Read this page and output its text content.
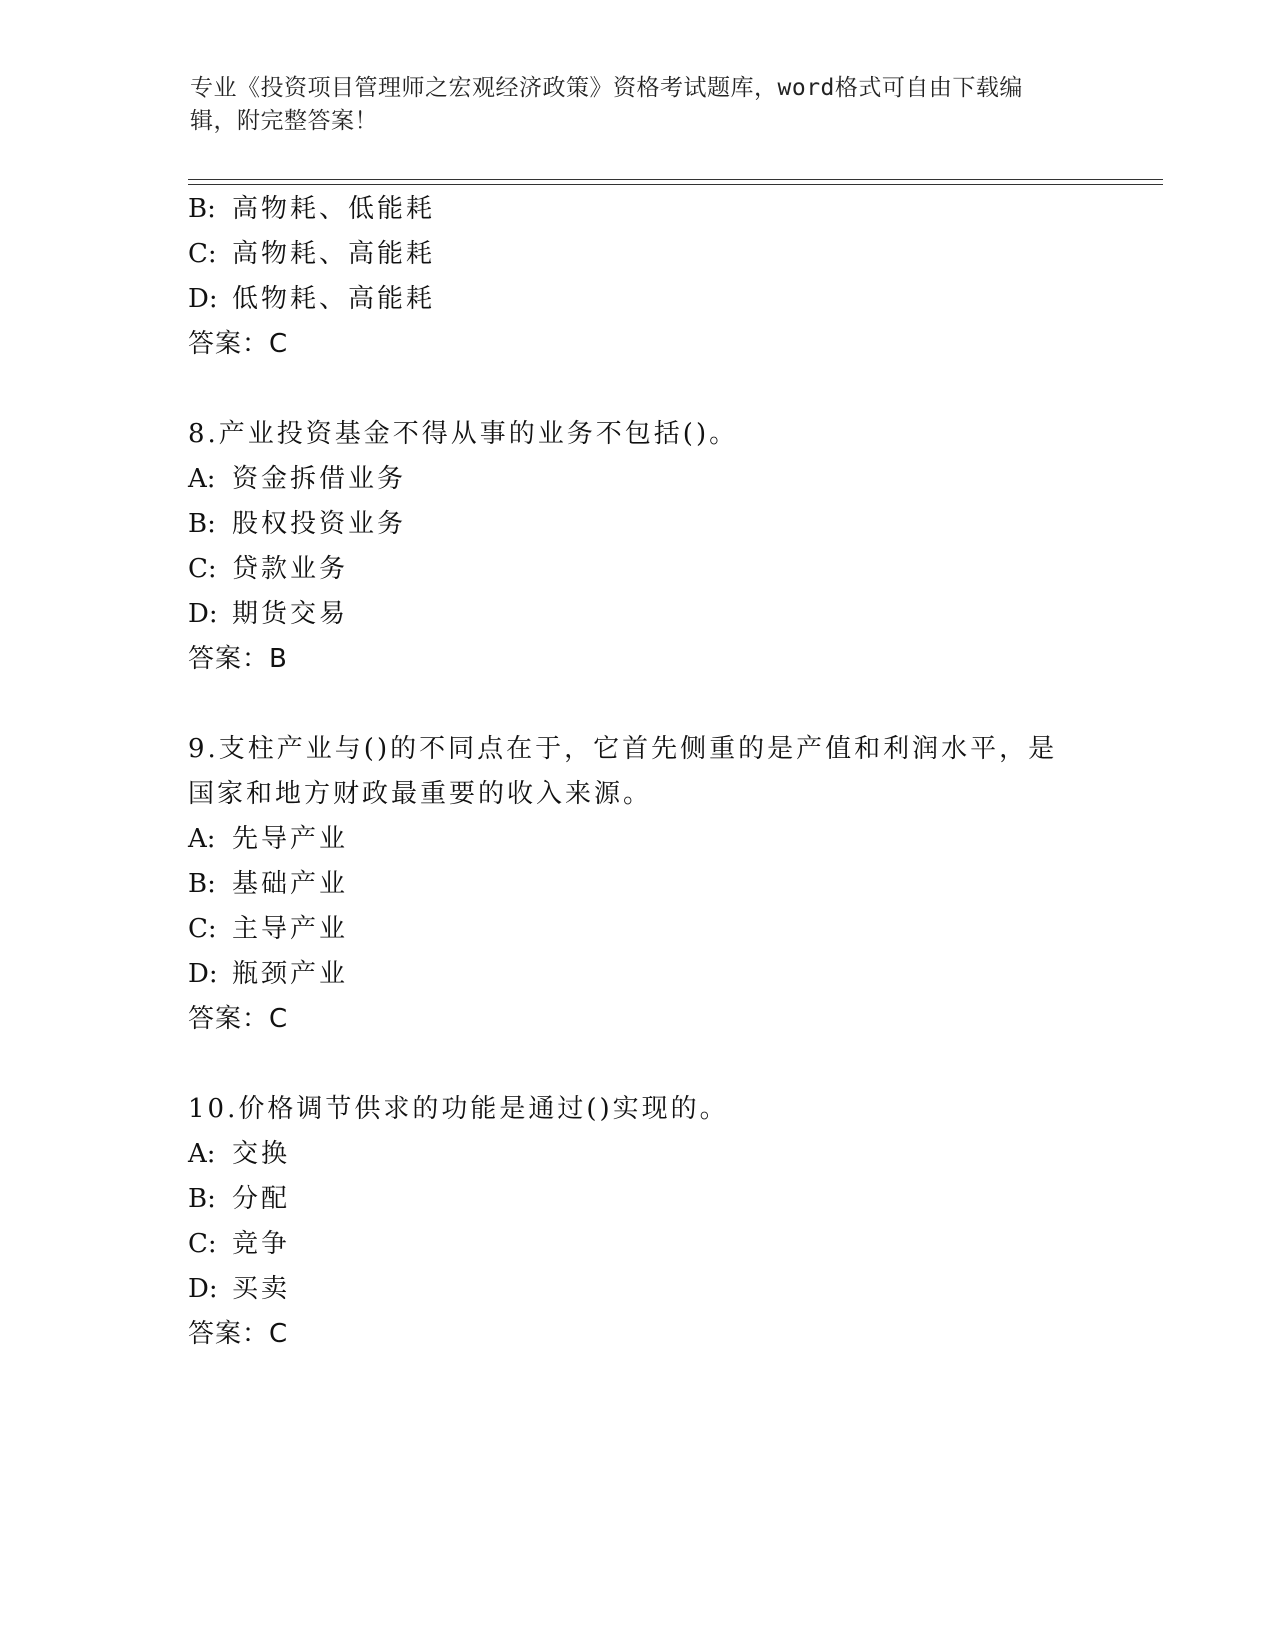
专业《投资项目管理师之宏观经济政策》资格考试题库，word格式可自由下载编
辑，附完整答案！
B: 高物耗、低能耗
C: 高物耗、高能耗
D: 低物耗、高能耗
答案：C
8.产业投资基金不得从事的业务不包括()。
A: 资金拆借业务
B: 股权投资业务
C: 贷款业务
D: 期货交易
答案：B
9.支柱产业与()的不同点在于，它首先侧重的是产值和利润水平，是
国家和地方财政最重要的收入来源。
A: 先导产业
B: 基础产业
C: 主导产业
D: 瓶颈产业
答案：C
10.价格调节供求的功能是通过()实现的。
A: 交换
B: 分配
C: 竞争
D: 买卖
答案：C
